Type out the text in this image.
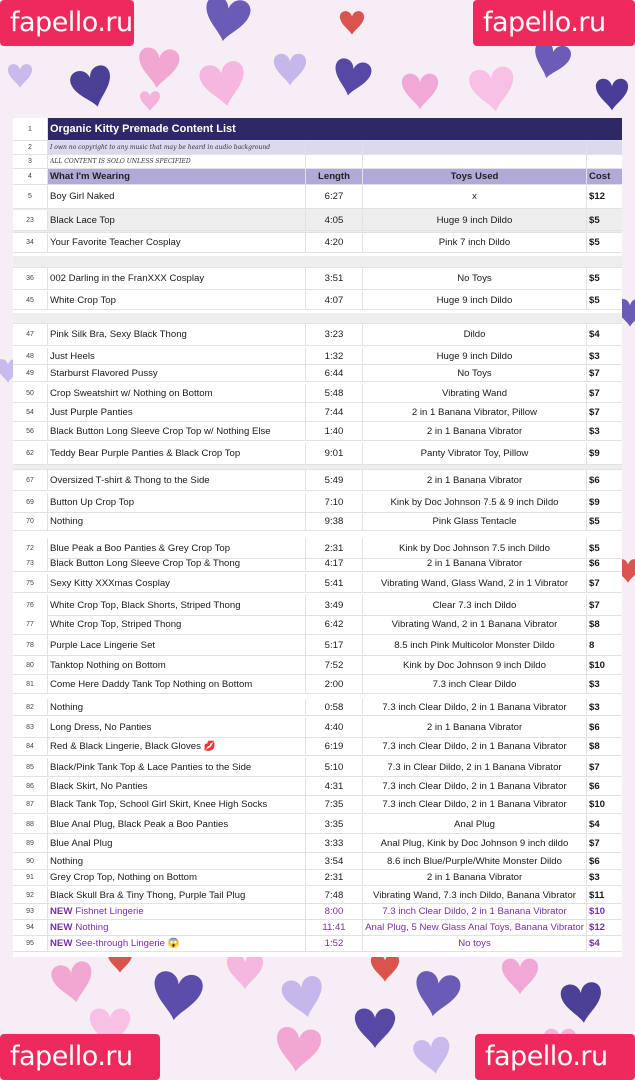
fapello.ru	fapello.ru
fapello.ru	fapello.ru
1	Organic Kitty Premade Content List
2	I own no copyright to any music that may be heard in audio background
3	ALL CONTENT IS SOLO UNLESS SPECIFIED
4	What I'm Wearing	Length	Toys Used	Cost
5	Boy Girl Naked	6:27	x	$12
23	Black Lace Top	4:05	Huge 9 inch Dildo	$5
34	Your Favorite Teacher Cosplay	4:20	Pink 7 inch Dildo	$5
36	002 Darling in the FranXXX Cosplay	3:51	No Toys	$5
45	White Crop Top	4:07	Huge 9 inch Dildo	$5
47	Pink Silk Bra, Sexy Black Thong	3:23	Dildo	$4
48	Just Heels	1:32	Huge 9 inch Dildo	$3
49	Starburst Flavored Pussy	6:44	No Toys	$7
50	Crop Sweatshirt w/ Nothing on Bottom	5:48	Vibrating Wand	$7
54	Just Purple Panties	7:44	2 in 1 Banana Vibrator, Pillow	$7
56	Black Button Long Sleeve Crop Top w/ Nothing Else	1:40	2 in 1 Banana Vibrator	$3
62	Teddy Bear Purple Panties & Black Crop Top	9:01	Panty Vibrator Toy, Pillow	$9
67	Oversized T-shirt & Thong to the Side	5:49	2 in 1 Banana Vibrator	$6
69	Button Up Crop Top	7:10	Kink by Doc Johnson 7.5 & 9 inch Dildo	$9
70	Nothing	9:38	Pink Glass Tentacle	$5
72	Blue Peak a Boo Panties & Grey Crop Top	2:31	Kink by Doc Johnson 7.5 inch Dildo	$5
73	Black Button Long Sleeve Crop Top & Thong	4:17	2 in 1 Banana Vibrator	$6
75	Sexy Kitty XXXmas Cosplay	5:41	Vibrating Wand, Glass Wand, 2 in 1 Vibrator	$7
76	White Crop Top, Black Shorts, Striped Thong	3:49	Clear 7.3 inch Dildo	$7
77	White Crop Top, Striped Thong	6:42	Vibrating Wand, 2 in 1 Banana Vibrator	$8
78	Purple Lace Lingerie Set	5:17	8.5 inch Pink Multicolor Monster Dildo	8
80	Tanktop Nothing on Bottom	7:52	Kink by Doc Johnson 9 inch Dildo	$10
81	Come Here Daddy Tank Top Nothing on Bottom	2:00	7.3 inch Clear Dildo	$3
82	Nothing	0:58	7.3 inch Clear Dildo, 2 in 1 Banana Vibrator	$3
83	Long Dress, No Panties	4:40	2 in 1 Banana Vibrator	$6
84	Red & Black Lingerie, Black Gloves 💋	6:19	7.3 inch Clear Dildo, 2 in 1 Banana Vibrator	$8
85	Black/Pink Tank Top & Lace Panties to the Side	5:10	7.3 in Clear Dildo, 2 in 1 Banana Vibrator	$7
86	Black Skirt, No Panties	4:31	7.3 inch Clear Dildo, 2 in 1 Banana Vibrator	$6
87	Black Tank Top, School Girl Skirt, Knee High Socks	7:35	7.3 inch Clear Dildo, 2 in 1 Banana Vibrator	$10
88	Blue Anal Plug, Black Peak a Boo Panties	3:35	Anal Plug	$4
89	Blue Anal Plug	3:33	Anal Plug, Kink by Doc Johnson 9 inch dildo	$7
90	Nothing	3:54	8.6 inch Blue/Purple/White Monster Dildo	$6
91	Grey Crop Top, Nothing on Bottom	2:31	2 in 1 Banana Vibrator	$3
92	Black Skull Bra & Tiny Thong, Purple Tail Plug	7:48	Vibrating Wand, 7.3 inch Dildo, Banana Vibrator	$11
93	NEW Fishnet Lingerie	8:00	7.3 inch Clear Dildo, 2 in 1 Banana Vibrator	$10
94	NEW Nothing	11:41	Anal Plug, 5 New Glass Anal Toys, Banana Vibrator $12
95	NEW See-through Lingerie 😱	1:52	No toys	$4
